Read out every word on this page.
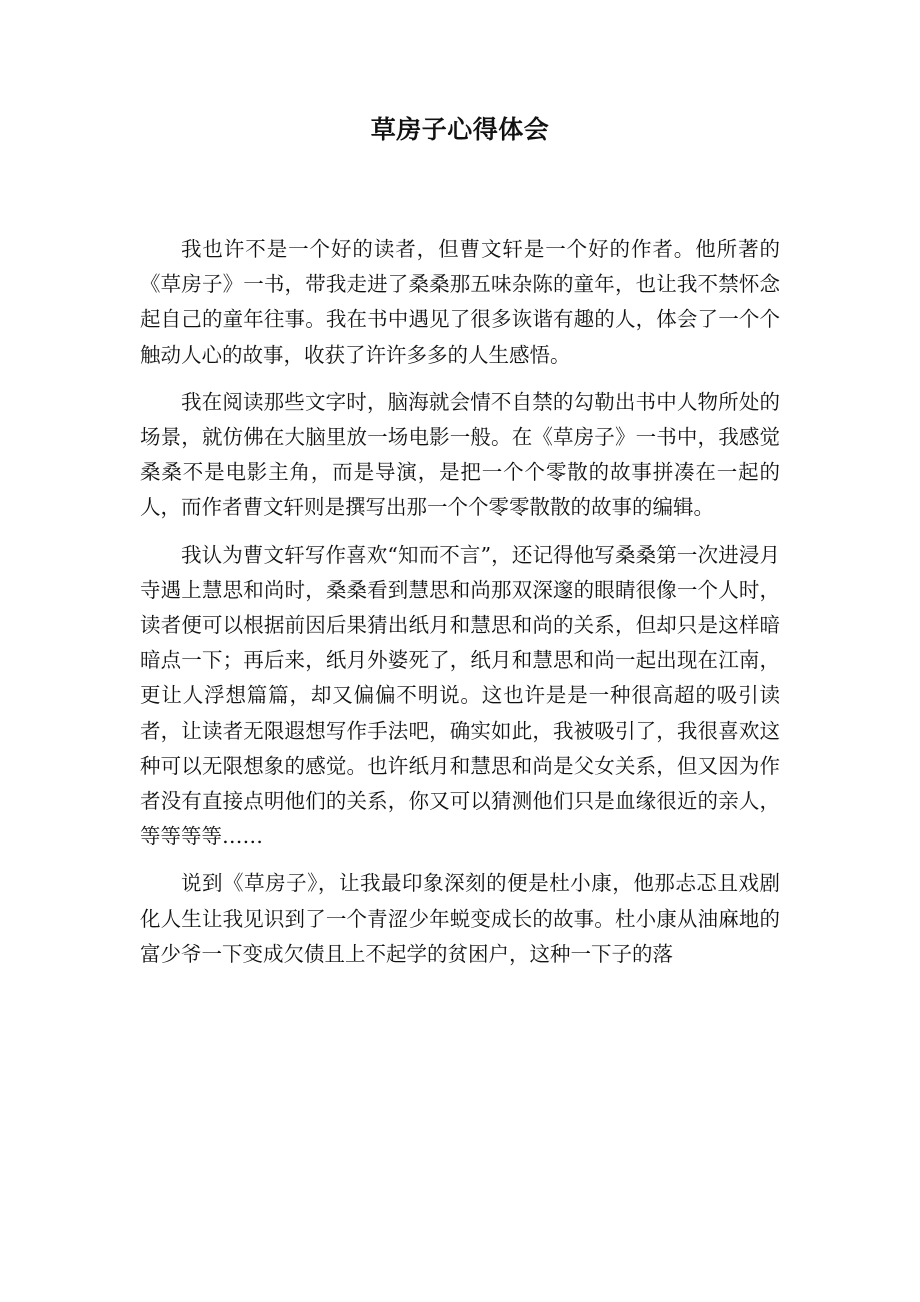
草房子心得体会

我也许不是一个好的读者，但曹文轩是一个好的作者。他所著的《草房子》一书，带我走进了桑桑那五味杂陈的童年，也让我不禁怀念起自己的童年往事。我在书中遇见了很多诙谐有趣的人，体会了一个个触动人心的故事，收获了许许多多的人生感悟。

我在阅读那些文字时，脑海就会情不自禁的勾勒出书中人物所处的场景，就仿佛在大脑里放一场电影一般。在《草房子》一书中，我感觉桑桑不是电影主角，而是导演，是把一个个零散的故事拼凑在一起的人，而作者曹文轩则是撰写出那一个个零零散散的故事的编辑。

我认为曹文轩写作喜欢“知而不言”，还记得他写桑桑第一次进浸月寺遇上慧思和尚时，桑桑看到慧思和尚那双深邃的眼睛很像一个人时，读者便可以根据前因后果猜出纸月和慧思和尚的关系，但却只是这样暗暗点一下；再后来，纸月外婆死了，纸月和慧思和尚一起出现在江南，更让人浮想篇篇，却又偏偏不明说。这也许是是一种很高超的吸引读者，让读者无限遐想写作手法吧，确实如此，我被吸引了，我很喜欢这种可以无限想象的感觉。也许纸月和慧思和尚是父女关系，但又因为作者没有直接点明他们的关系，你又可以猜测他们只是血缘很近的亲人，等等等等……

说到《草房子》，让我最印象深刻的便是杜小康，他那忐忑且戏剧化人生让我见识到了一个青涩少年蜕变成长的故事。杜小康从油麻地的富少爷一下变成欠债且上不起学的贫困户，这种一下子的落
